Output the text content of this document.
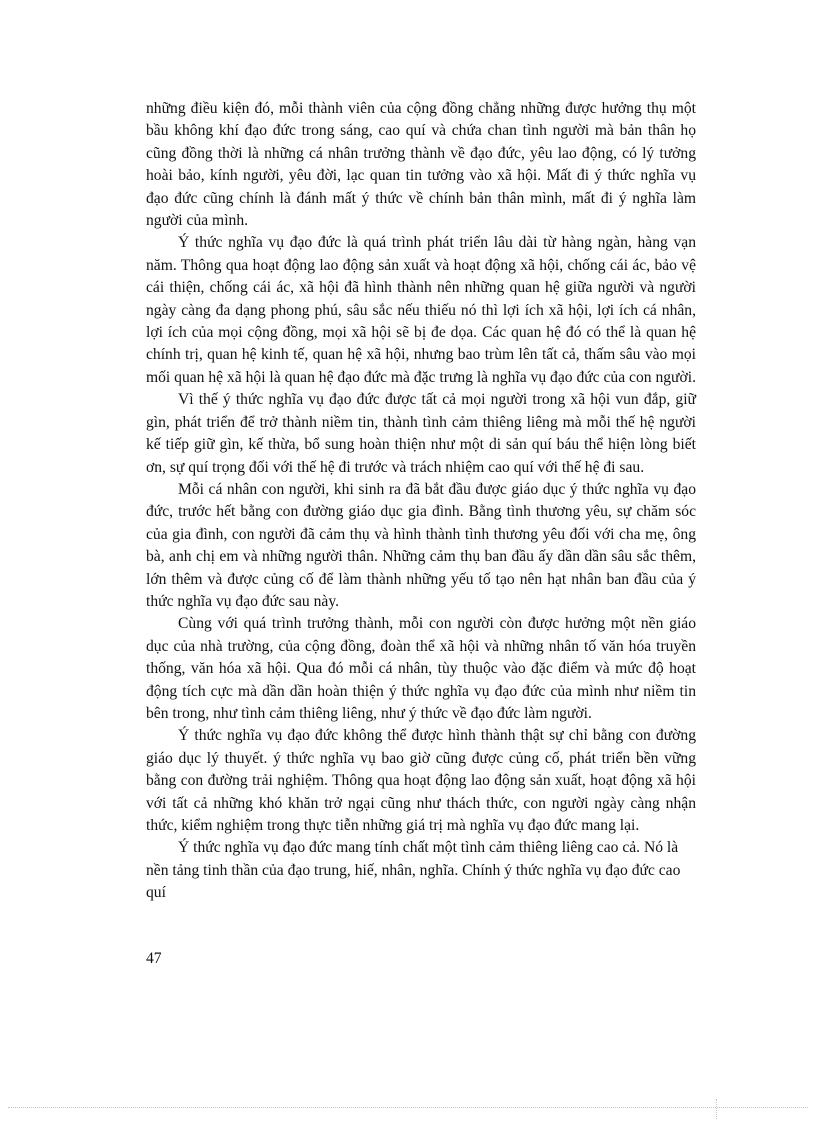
những điều kiện đó, mỗi thành viên của cộng đồng chẳng những được hưởng thụ một bầu không khí đạo đức trong sáng, cao quí và chứa chan tình người mà bản thân họ cũng đồng thời là những cá nhân trưởng thành về đạo đức, yêu lao động, có lý tưởng hoài bảo, kính người, yêu đời, lạc quan tin tưởng vào xã hội. Mất đi ý thức nghĩa vụ đạo đức cũng chính là đánh mất ý thức về chính bản thân mình, mất đi ý nghĩa làm người của mình.

Ý thức nghĩa vụ đạo đức là quá trình phát triển lâu dài từ hàng ngàn, hàng vạn năm. Thông qua hoạt động lao động sản xuất và hoạt động xã hội, chống cái ác, bảo vệ cái thiện, chống cái ác, xã hội đã hình thành nên những quan hệ giữa người và người ngày càng đa dạng phong phú, sâu sắc nếu thiếu nó thì lợi ích xã hội, lợi ích cá nhân, lợi ích của mọi cộng đồng, mọi xã hội sẽ bị đe dọa. Các quan hệ đó có thể là quan hệ chính trị, quan hệ kinh tế, quan hệ xã hội, nhưng bao trùm lên tất cả, thấm sâu vào mọi mối quan hệ xã hội là quan hệ đạo đức mà đặc trưng là nghĩa vụ đạo đức của con người.

Vì thế ý thức nghĩa vụ đạo đức được tất cả mọi người trong xã hội vun đắp, giữ gìn, phát triển để trở thành niềm tin, thành tình cảm thiêng liêng mà mỗi thế hệ người kế tiếp giữ gìn, kế thừa, bổ sung hoàn thiện như một di sản quí báu thể hiện lòng biết ơn, sự quí trọng đối với thế hệ đi trước và trách nhiệm cao quí với thế hệ đi sau.

Mỗi cá nhân con người, khi sinh ra đã bắt đầu được giáo dục ý thức nghĩa vụ đạo đức, trước hết bằng con đường giáo dục gia đình. Bằng tình thương yêu, sự chăm sóc của gia đình, con người đã cảm thụ và hình thành tình thương yêu đối với cha mẹ, ông bà, anh chị em và những người thân. Những cảm thụ ban đầu ấy dần dần sâu sắc thêm, lớn thêm và được củng cố để làm thành những yếu tố tạo nên hạt nhân ban đầu của ý thức nghĩa vụ đạo đức sau này.

Cùng với quá trình trưởng thành, mỗi con người còn được hưởng một nền giáo dục của nhà trường, của cộng đồng, đoàn thể xã hội và những nhân tố văn hóa truyền thống, văn hóa xã hội. Qua đó mỗi cá nhân, tùy thuộc vào đặc điểm và mức độ hoạt động tích cực mà dần dần hoàn thiện ý thức nghĩa vụ đạo đức của mình như niềm tin bên trong, như tình cảm thiêng liêng, như ý thức về đạo đức làm người.

Ý thức nghĩa vụ đạo đức không thể được hình thành thật sự chỉ bằng con đường giáo dục lý thuyết. ý thức nghĩa vụ bao giờ cũng được củng cố, phát triển bền vững bằng con đường trải nghiệm. Thông qua hoạt động lao động sản xuất, hoạt động xã hội với tất cả những khó khăn trở ngại cũng như thách thức, con người ngày càng nhận thức, kiểm nghiệm trong thực tiễn những giá trị mà nghĩa vụ đạo đức mang lại.

Ý thức nghĩa vụ đạo đức mang tính chất một tình cảm thiêng liêng cao cả. Nó là nền tảng tinh thần của đạo trung, hiế, nhân, nghĩa. Chính ý thức nghĩa vụ đạo đức cao quí

47
